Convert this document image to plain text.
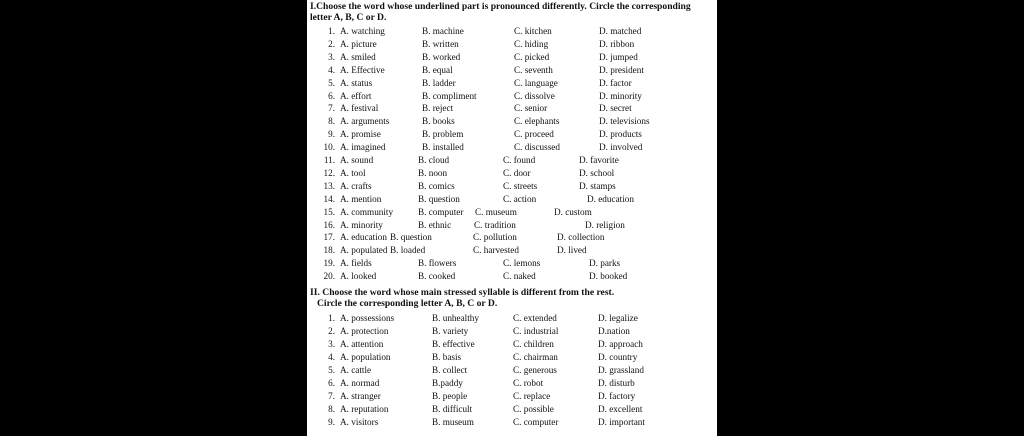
I.Choose the word whose underlined part is pronounced differently. Circle the corresponding
letter A, B, C or D.
1. A. watching	B. machine	C. kitchen	D. matched
2. A. picture	B. written	C. hiding	D. ribbon
3. A. smiled	B. worked	C. picked	D. jumped
4. A. Effective	B. equal	C. seventh	D. president
5. A. status	B. ladder	C. language	D. factor
6. A. effort	B. compliment	C. dissolve	D. minority
7. A. festival	B. reject	C. senior	D. secret
8. A. arguments	B. books	C. elephants	D. televisions
9. A. promise	B. problem	C. proceed	D. products
10. A. imagined	B. installed	C. discussed	D. involved
11. A. sound	B. cloud	C. found	D. favorite
12. A. tool	B. noon	C. door	D. school
13. A. crafts	B. comics	C. streets	D. stamps
14. A. mention	B. question	C. action	D. education
15. A. community	B. computer C. museum	D. custom
16. A. minority	B. ethnic C. tradition	D. religion
17. A. education B. question	C. pollution	D. collection
18. A. populated B. loaded	C. harvested	D. lived
19. A. fields	B. flowers	C. lemons	D. parks
20. A. looked	B. cooked	C. naked	D. booked
II. Choose the word whose main stressed syllable is different from the rest.
Circle the corresponding letter A, B, C or D.
1. A. possessions	B. unhealthy	C. extended	D. legalize
2. A. protection	B. variety	C. industrial	D.nation
3. A. attention	B. effective	C. children	D. approach
4. A. population	B. basis	C. chairman	D. country
5. A. cattle	B. collect	C. generous	D. grassland
6. A. normad	B.paddy	C. robot	D. disturb
7. A. stranger	B. people	C. replace	D. factory
8. A. reputation	B. difficult	C. possible	D. excellent
9. A. visitors	B. museum	C. computer	D. important
